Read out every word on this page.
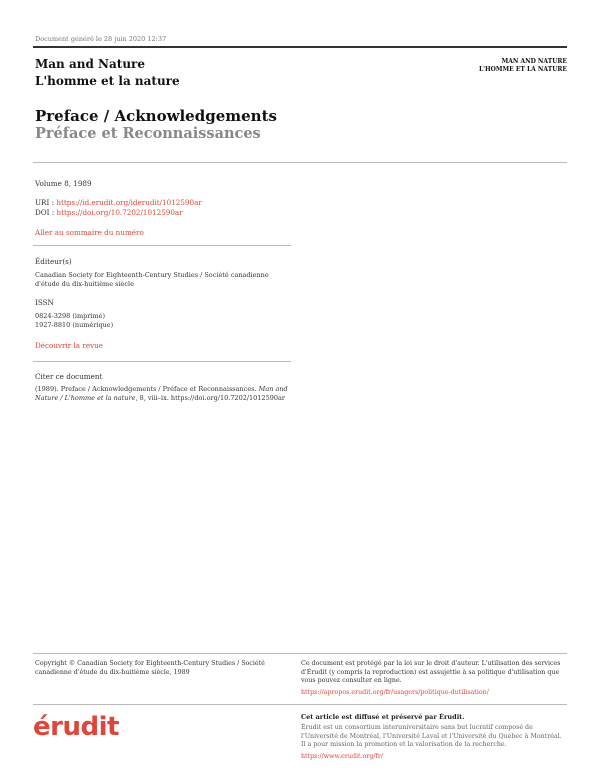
Document généré le 28 juin 2020 12:37
Man and Nature
L'homme et la nature
MAN AND NATURE
L'HOMME ET LA NATURE
Preface / Acknowledgements
Préface et Reconnaissances
Volume 8, 1989
URI : https://id.erudit.org/iderudit/1012590ar
DOI : https://doi.org/10.7202/1012590ar
Aller au sommaire du numéro
Éditeur(s)
Canadian Society for Eighteenth-Century Studies / Société canadienne d'étude du dix-huitième siècle
ISSN
0824-3298 (imprimé)
1927-8810 (numérique)
Découvrir la revue
Citer ce document
(1989). Preface / Acknowledgements / Préface et Reconnaissances. Man and Nature / L'homme et la nature, 8, viii–ix. https://doi.org/10.7202/1012590ar
Copyright © Canadian Society for Eighteenth-Century Studies / Société canadienne d'étude du dix-huitième siècle, 1989
Ce document est protégé par la loi sur le droit d'auteur. L'utilisation des services d'Érudit (y compris la reproduction) est assujettie à sa politique d'utilisation que vous pouvez consulter en ligne.
https://apropos.erudit.org/fr/usagers/politique-dutilisation/
érudit	Cet article est diffusé et préservé par Érudit.
Érudit est un consortium interuniversitaire sans but lucratif composé de l'Université de Montréal, l'Université Laval et l'Université du Québec à Montréal. Il a pour mission la promotion et la valorisation de la recherche.
https://www.erudit.org/fr/
